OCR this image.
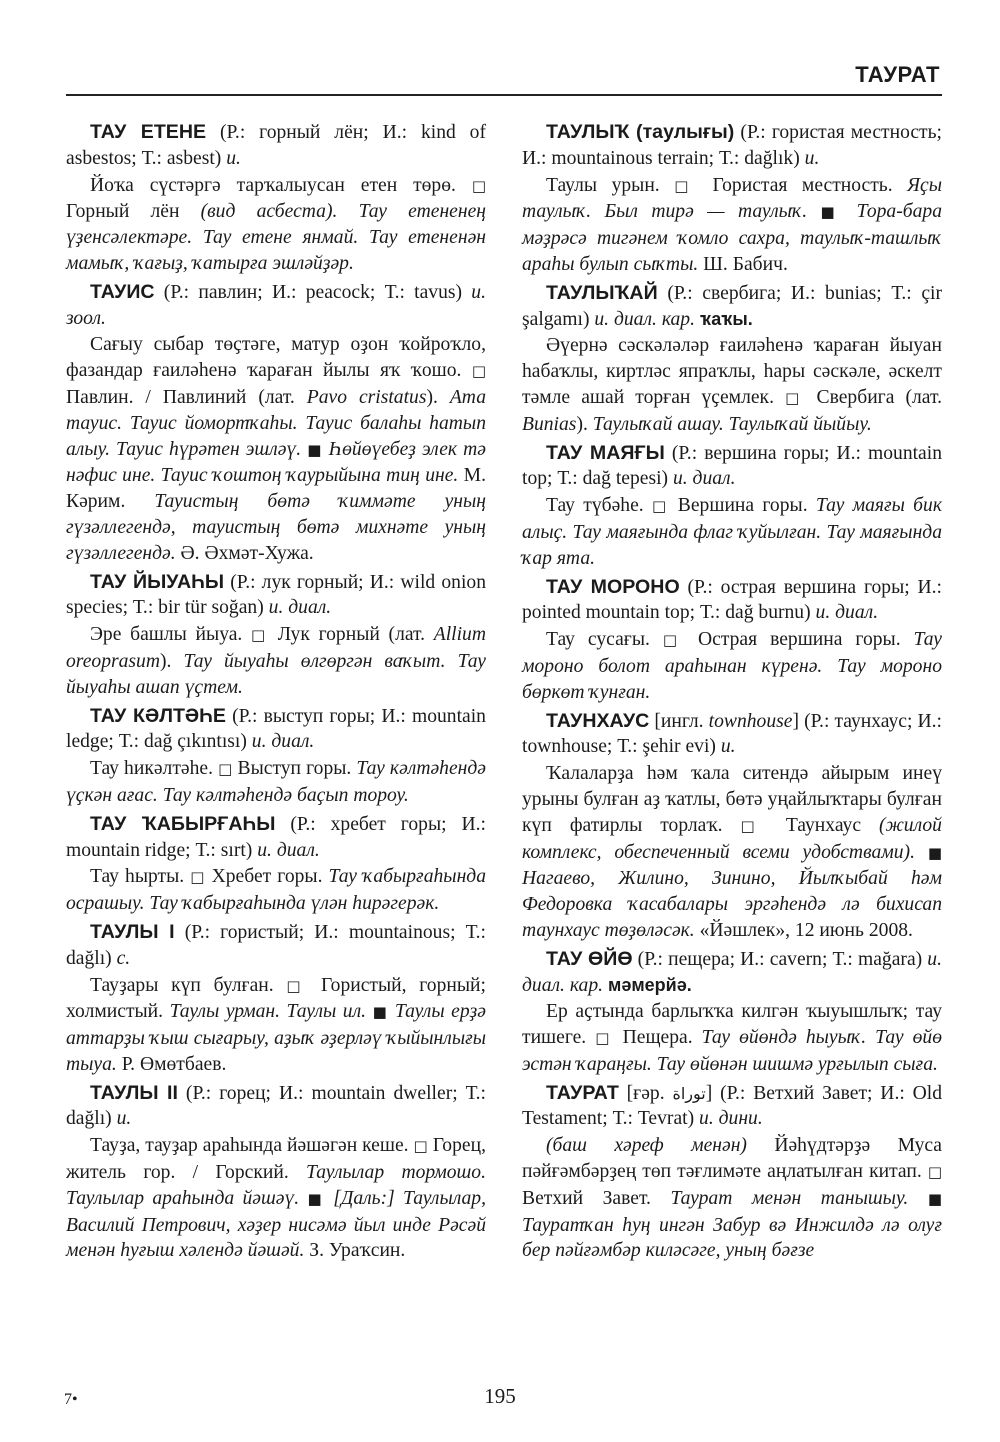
ТАУРАТ

ТАУ ЕТЕНЕ (Р.: горный лён; И.: kind of asbestos; Т.: asbest) и.

Йоҡа сүстәргә тарҡалыусан етен төрө. □ Горный лён (вид асбеста). Тау етененең үҙенсәлектәре. Тау етене янмай. Тау етененән мамыҡ, ҡағыҙ, ҡатырға эшләйҙәр.

ТАУИС (Р.: павлин; И.: peacock; Т.: tavus) и. зоол.

Сағыу сыбар төҫтәге, матур оҙон ҡойроҡло, фазандар ғаиләһенә ҡараған йылы яҡ ҡошо. □ Павлин. / Павлиний (лат. Pavo cristatus). Ата тауис. Тауис йомортҡаһы. Тауис балаһы һатып алыу. Тауис һүрәтен эшләү. ■ Һөйөүебеҙ элек тә нәфис ине. Тауис ҡоштоң ҡаурыйына тиң ине. М. Кәрим. Тауистың бөтә ҡиммәте уның гүзәллегендә, тауистың бөтә михнәте уның гүзәллегендә. Ә. Әхмәт-Хужа.

ТАУ ЙЫУАҺЫ (Р.: лук горный; И.: wild onion species; Т.: bir tür soğan) и. диал.

Эре башлы йыуа. □ Лук горный (лат. Allium oreoprasum). Тау йыуаһы өлгөргән ваҡыт. Тау йыуаһы ашап үҫтем.

ТАУ КӘЛТӘҺЕ (Р.: выступ горы; И.: mountain ledge; Т.: dağ çıkıntısı) и. диал.

Тау һикәлтәһе. □ Выступ горы. Тау кәлтәһендә үҫкән ағас. Тау кәлтәһендә баҫып тороу.

ТАУ ҠАБЫРҒАҺЫ (Р.: хребет горы; И.: mountain ridge; Т.: sırt) и. диал.

Тау һырты. □ Хребет горы. Тау ҡабырғаһында осрашыу. Тау ҡабырғаһында үлән һирәгерәк.

ТАУЛЫ I (Р.: гористый; И.: mountainous; Т.: dağlı) с.

Тауҙары күп булған. □ Гористый, горный; холмистый. Таулы урман. Таулы ил. ■ Таулы ерҙә аттарҙы ҡыш сығарыу, аҙыҡ әҙерләү ҡыйынлығы тыуа. Р. Өмөтбаев.

ТАУЛЫ II (Р.: горец; И.: mountain dweller; Т.: dağlı) и.

Тауҙа, тауҙар араһында йәшәгән кеше. □ Горец, житель гор. / Горский. Таулылар тормошо. Таулылар араһында йәшәү. ■ [Даль:] Таулылар, Василий Петрович, хәҙер нисәмә йыл инде Рәсәй менән һуғыш хәлендә йәшәй. З. Ураҡсин.

ТАУЛЫҠ (таулығы) (Р.: гористая местность; И.: mountainous terrain; Т.: dağlık) и.

Таулы урын. □ Гористая местность. Яҫы таулыҡ. Был тирә — таулыҡ. ■ Тора-бара мәҙрәсә тигәнем ҡомло сахра, таулыҡ-ташлыҡ араһы булып сыҡты. Ш. Бабич.

ТАУЛЫҠАЙ (Р.: свербига; И.: bunias; Т.: çir şalgamı) и. диал. кар. ҡаҡы.

Әүернә сәскәләләр ғаиләһенә ҡараған йыуан һабаҡлы, киртләс япраҡлы, һары сәскәле, әскелт тәмле ашай торған үҫемлек. □ Свербига (лат. Bunias). Таулыҡай ашау. Таулыҡай йыйыу.

ТАУ МАЯҒЫ (Р.: вершина горы; И.: mountain top; Т.: dağ tepesi) и. диал.

Тау түбәһе. □ Вершина горы. Тау маяғы бик алыҫ. Тау маяғында флаг ҡуйылған. Тау маяғында ҡар ята.

ТАУ МОРОНО (Р.: острая вершина горы; И.: pointed mountain top; Т.: dağ burnu) и. диал.

Тау сусағы. □ Острая вершина горы. Тау мороно болот араһынан күренә. Тау мороно бөркөт ҡунған.

ТАУНХАУС [ингл. townhouse] (Р.: таунхаус; И.: townhouse; Т.: şehir evi) и.

Ҡалаларҙа һәм ҡала ситендә айырым инеү урыны булған аҙ ҡатлы, бөтә уңайлыҡтары булған күп фатирлы торлаҡ. □ Таунхаус (жилой комплекс, обеспеченный всеми удобствами). ■ Нагаево, Жилино, Зинино, Йылҡыбай һәм Федоровка ҡасабалары эргәһендә лә бихисап таунхаус төҙөләсәк. «Йәшлек», 12 июнь 2008.

ТАУ ӨЙӨ (Р.: пещера; И.: cavern; Т.: mağara) и. диал. кар. мәмерйә.

Ер аҫтында барлыҡҡа килгән ҡыуышлыҡ; тау тишеге. □ Пещера. Тау өйөндә һыуыҡ. Тау өйө эстән ҡараңғы. Тау өйөнән шишмә урғылып сыға.

ТАУРАТ [ғәр. توراة] (Р.: Ветхий Завет; И.: Old Testament; Т.: Tevrat) и. дини.

(баш хәреф менән) Йәһүдтәрҙә Муса пәйғәмбәрҙең төп тәғлимәте аңлатылған китап. □ Ветхий Завет. Таурат менән танышыу. ■ Тауратҡан һуң ингән Забур вә Инжилдә лә олуғ бер пәйғәмбәр киләсәге, уның бәғзе

7•	195
